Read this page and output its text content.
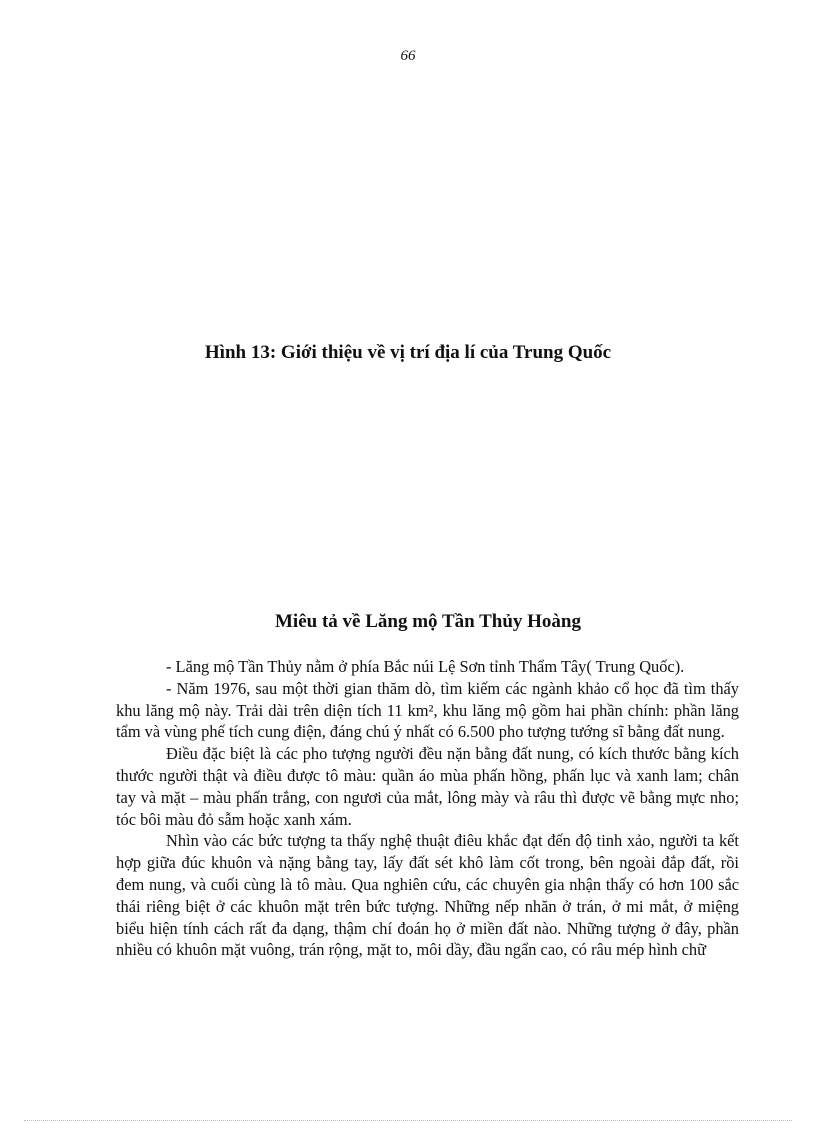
66
Hình 13: Giới thiệu về vị trí địa lí của Trung Quốc
Miêu tả về Lăng mộ Tần Thủy Hoàng

- Lăng mộ Tần Thủy nằm ở phía Bắc núi Lệ Sơn tỉnh Thẩm Tây( Trung Quốc).

- Năm 1976, sau một thời gian thăm dò, tìm kiếm các ngành khảo cổ học đã tìm thấy khu lăng mộ này. Trải dài trên diện tích 11 km², khu lăng mộ gồm hai phần chính: phần lăng tẩm và vùng phế tích cung điện, đáng chú ý nhất có 6.500 pho tượng tướng sĩ bằng đất nung.

Điều đặc biệt là các pho tượng người đều nặn bằng đất nung, có kích thước bằng kích thước người thật và điều được tô màu: quần áo mùa phấn hồng, phấn lục và xanh lam; chân tay và mặt – màu phấn trắng, con ngươi của mắt, lông mày và râu thì được vẽ bằng mực nho; tóc bôi màu đỏ sẫm hoặc xanh xám.

Nhìn vào các bức tượng ta thấy nghệ thuật điêu khắc đạt đến độ tinh xảo, người ta kết hợp giữa đúc khuôn và nặng bằng tay, lấy đất sét khô làm cốt trong, bên ngoài đắp đất, rồi đem nung, và cuối cùng là tô màu. Qua nghiên cứu, các chuyên gia nhận thấy có hơn 100 sắc thái riêng biệt ở các khuôn mặt trên bức tượng. Những nếp nhăn ở trán, ở mi mắt, ở miệng biểu hiện tính cách rất đa dạng, thậm chí đoán họ ở miền đất nào. Những tượng ở đây, phần nhiều có khuôn mặt vuông, trán rộng, mặt to, môi dầy, đầu ngẩn cao, có râu mép hình chữ
